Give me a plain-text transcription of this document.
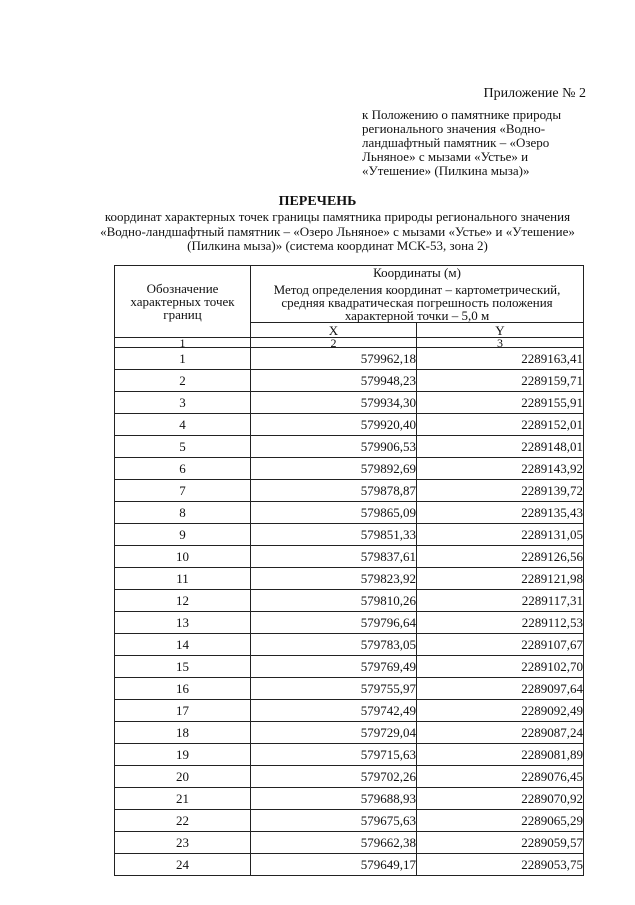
Приложение № 2
к Положению о памятнике природы регионального значения «Водно-ландшафтный памятник – «Озеро Льняное» с мызами «Устье» и «Утешение» (Пилкина мыза)»
ПЕРЕЧЕНЬ
координат характерных точек границы памятника природы регионального значения «Водно-ландшафтный памятник – «Озеро Льняное» с мызами «Устье» и «Утешение» (Пилкина мыза)» (система координат МСК-53, зона 2)
Обозначение характерных точек границ	Координаты (м)
Метод определения координат – картометрический, средняя квадратическая погрешность положения характерной точки – 5,0 м	
	X	Y
1	2	3
1	579962,18	2289163,41
2	579948,23	2289159,71
3	579934,30	2289155,91
4	579920,40	2289152,01
5	579906,53	2289148,01
6	579892,69	2289143,92
7	579878,87	2289139,72
8	579865,09	2289135,43
9	579851,33	2289131,05
10	579837,61	2289126,56
11	579823,92	2289121,98
12	579810,26	2289117,31
13	579796,64	2289112,53
14	579783,05	2289107,67
15	579769,49	2289102,70
16	579755,97	2289097,64
17	579742,49	2289092,49
18	579729,04	2289087,24
19	579715,63	2289081,89
20	579702,26	2289076,45
21	579688,93	2289070,92
22	579675,63	2289065,29
23	579662,38	2289059,57
24	579649,17	2289053,75
